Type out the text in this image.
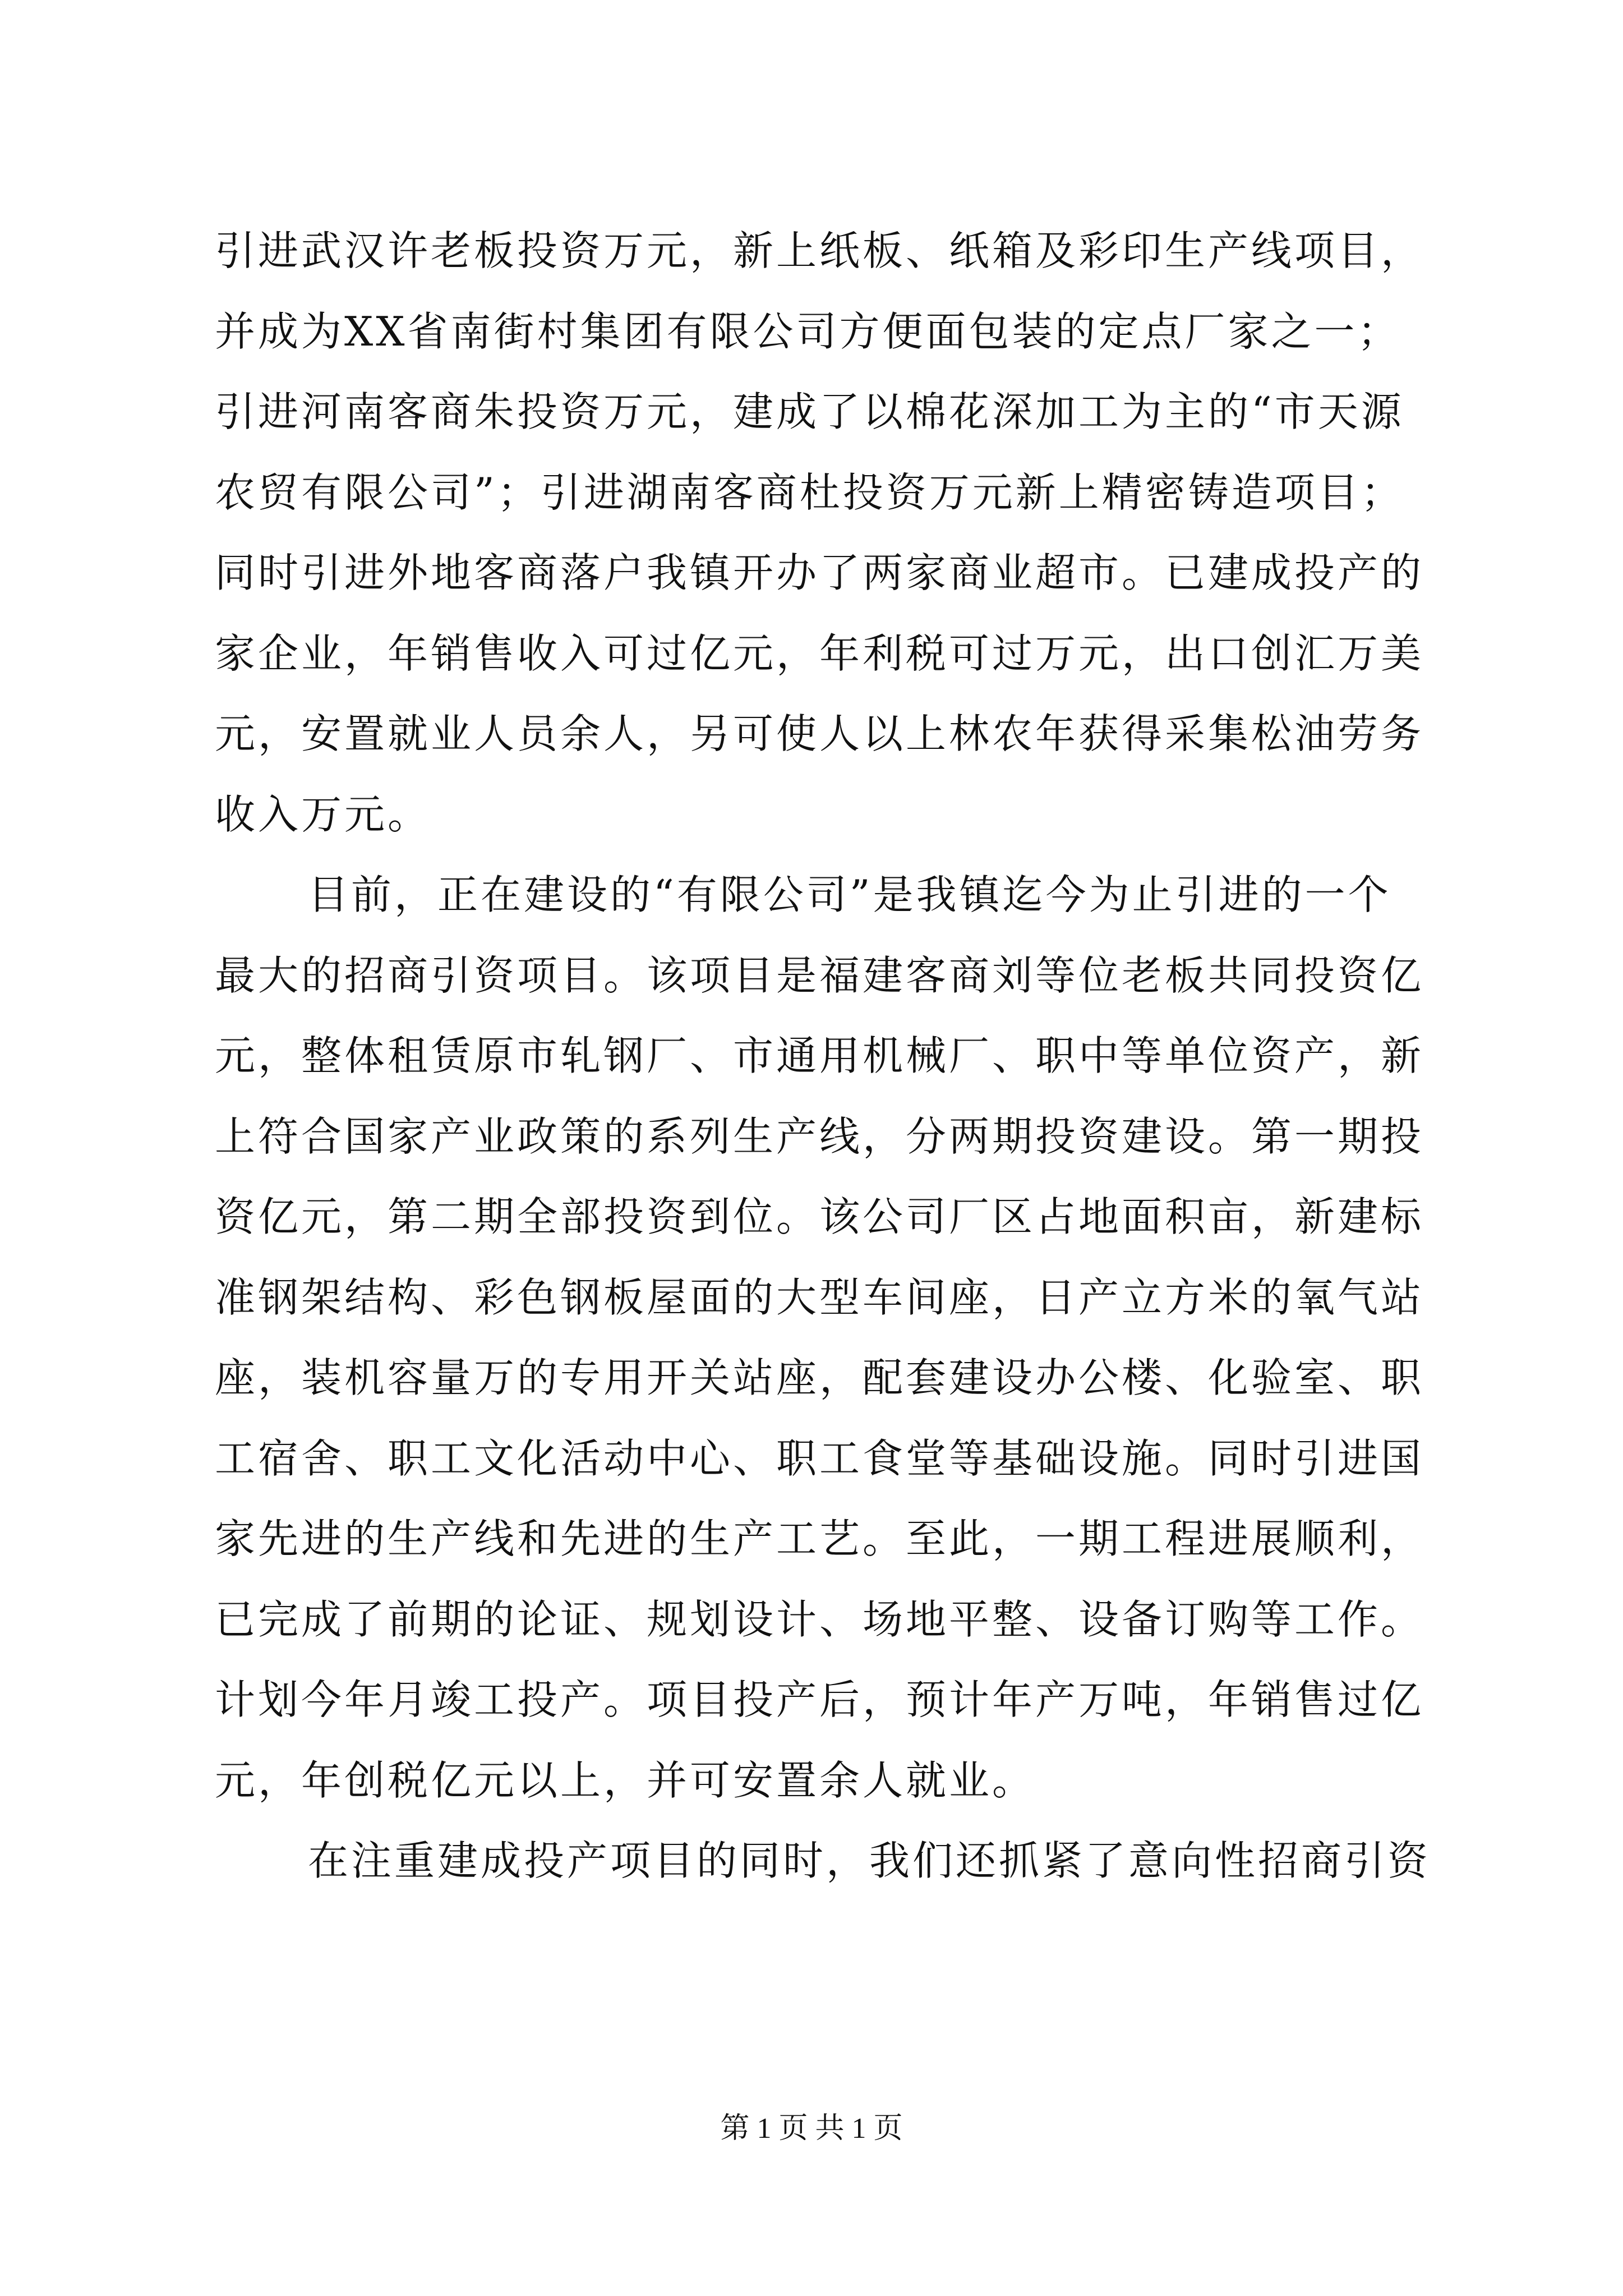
引进武汉许老板投资万元，新上纸板、纸箱及彩印生产线项目，
并成为XX省南街村集团有限公司方便面包装的定点厂家之一；
引进河南客商朱投资万元，建成了以棉花深加工为主的“市天源
农贸有限公司”；引进湖南客商杜投资万元新上精密铸造项目；
同时引进外地客商落户我镇开办了两家商业超市。已建成投产的
家企业，年销售收入可过亿元，年利税可过万元，出口创汇万美
元，安置就业人员余人，另可使人以上林农年获得采集松油劳务
收入万元。
目前，正在建设的“有限公司”是我镇迄今为止引进的一个
最大的招商引资项目。该项目是福建客商刘等位老板共同投资亿
元，整体租赁原市轧钢厂、市通用机械厂、职中等单位资产，新
上符合国家产业政策的系列生产线，分两期投资建设。第一期投
资亿元，第二期全部投资到位。该公司厂区占地面积亩，新建标
准钢架结构、彩色钢板屋面的大型车间座，日产立方米的氧气站
座，装机容量万的专用开关站座，配套建设办公楼、化验室、职
工宿舍、职工文化活动中心、职工食堂等基础设施。同时引进国
家先进的生产线和先进的生产工艺。至此，一期工程进展顺利，
已完成了前期的论证、规划设计、场地平整、设备订购等工作。
计划今年月竣工投产。项目投产后，预计年产万吨，年销售过亿
元，年创税亿元以上，并可安置余人就业。
在注重建成投产项目的同时，我们还抓紧了意向性招商引资
第 1 页 共 1 页
